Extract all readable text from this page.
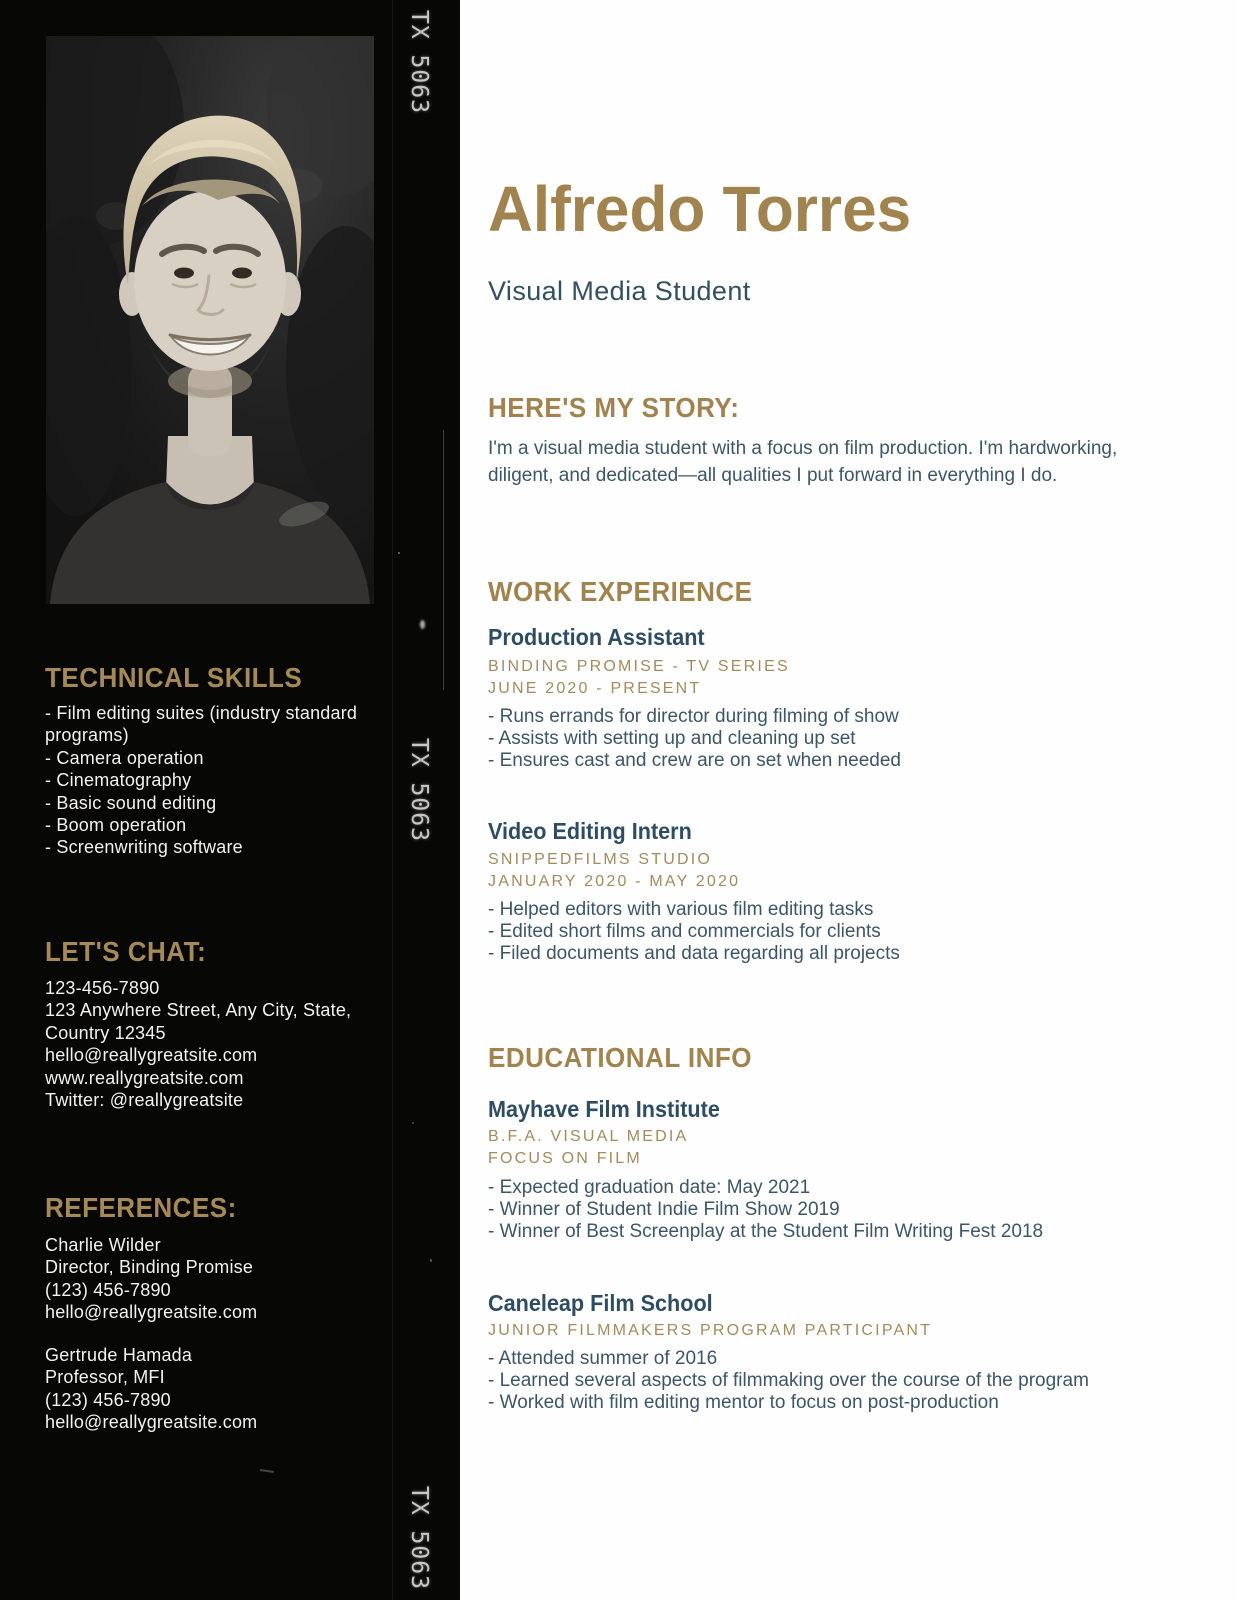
TX 5063
TX 5063
TX 5063
TECHNICAL SKILLS
- Film editing suites (industry standard programs)
- Camera operation
- Cinematography
- Basic sound editing
- Boom operation
- Screenwriting software
LET'S CHAT:
123-456-7890
123 Anywhere Street, Any City, State, Country 12345
hello@reallygreatsite.com
www.reallygreatsite.com
Twitter: @reallygreatsite
REFERENCES:
Charlie Wilder
Director, Binding Promise
(123) 456-7890
hello@reallygreatsite.com
Gertrude Hamada
Professor, MFI
(123) 456-7890
hello@reallygreatsite.com
Alfredo Torres
Visual Media Student
HERE'S MY STORY:

I'm a visual media student with a focus on film production. I'm hardworking, diligent, and dedicated—all qualities I put forward in everything I do.

WORK EXPERIENCE
Production Assistant
BINDING PROMISE - TV SERIES
JUNE 2020 - PRESENT
- Runs errands for director during filming of show
- Assists with setting up and cleaning up set
- Ensures cast and crew are on set when needed
Video Editing Intern
SNIPPEDFILMS STUDIO
JANUARY 2020 - MAY 2020
- Helped editors with various film editing tasks
- Edited short films and commercials for clients
- Filed documents and data regarding all projects
EDUCATIONAL INFO
Mayhave Film Institute
B.F.A. VISUAL MEDIA
FOCUS ON FILM
- Expected graduation date: May 2021
- Winner of Student Indie Film Show 2019
- Winner of Best Screenplay at the Student Film Writing Fest 2018
Caneleap Film School
JUNIOR FILMMAKERS PROGRAM PARTICIPANT
- Attended summer of 2016
- Learned several aspects of filmmaking over the course of the program
- Worked with film editing mentor to focus on post-production
